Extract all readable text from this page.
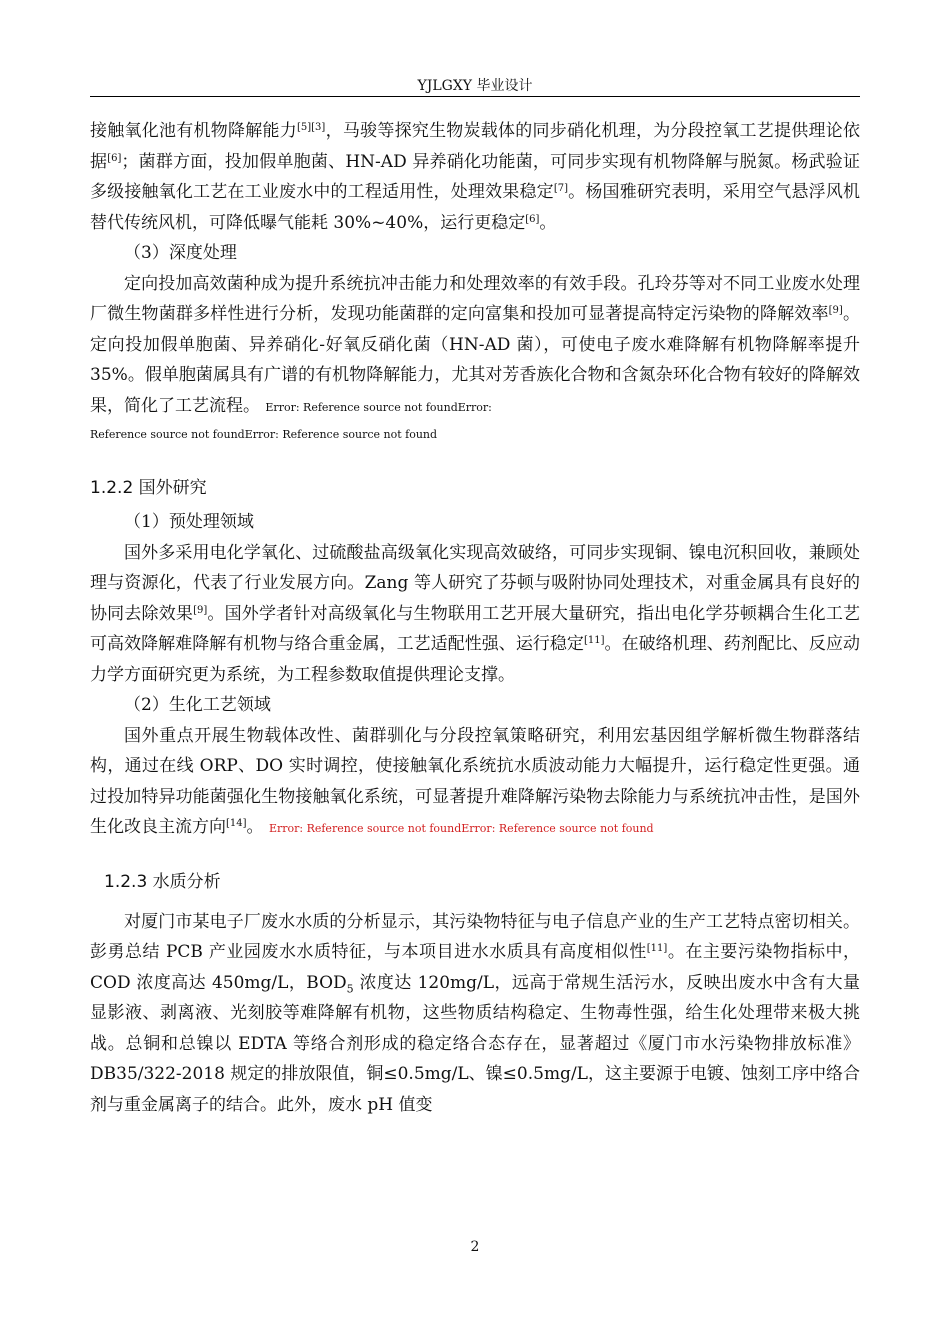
YJLGXY 毕业设计

接触氧化池有机物降解能力[5][3]，马骏等探究生物炭载体的同步硝化机理，为分段控氧工艺提供理论依据[6]；菌群方面，投加假单胞菌、HN-AD 异养硝化功能菌，可同步实现有机物降解与脱氮。杨武验证多级接触氧化工艺在工业废水中的工程适用性，处理效果稳定[7]。杨国雅研究表明，采用空气悬浮风机替代传统风机，可降低曝气能耗 30%~40%，运行更稳定[6]。

（3）深度处理

定向投加高效菌种成为提升系统抗冲击能力和处理效率的有效手段。孔玲芬等对不同工业废水处理厂微生物菌群多样性进行分析，发现功能菌群的定向富集和投加可显著提高特定污染物的降解效率[9]。定向投加假单胞菌、异养硝化-好氧反硝化菌（HN-AD 菌），可使电子废水难降解有机物降解率提升 35%。假单胞菌属具有广谱的有机物降解能力，尤其对芳香族化合物和含氮杂环化合物有较好的降解效果，简化了工艺流程。 Error: Reference source not foundError:

Reference source not foundError: Reference source not found

1.2.2 国外研究

（1）预处理领域

国外多采用电化学氧化、过硫酸盐高级氧化实现高效破络，可同步实现铜、镍电沉积回收，兼顾处理与资源化，代表了行业发展方向。Zang 等人研究了芬顿与吸附协同处理技术，对重金属具有良好的协同去除效果[9]。国外学者针对高级氧化与生物联用工艺开展大量研究，指出电化学芬顿耦合生化工艺可高效降解难降解有机物与络合重金属，工艺适配性强、运行稳定[11]。在破络机理、药剂配比、反应动力学方面研究更为系统，为工程参数取值提供理论支撑。

（2）生化工艺领域

国外重点开展生物载体改性、菌群驯化与分段控氧策略研究，利用宏基因组学解析微生物群落结构，通过在线 ORP、DO 实时调控，使接触氧化系统抗水质波动能力大幅提升，运行稳定性更强。通过投加特异功能菌强化生物接触氧化系统，可显著提升难降解污染物去除能力与系统抗冲击性，是国外生化改良主流方向[14]。 Error: Reference source not foundError: Reference source not found

1.2.3 水质分析

对厦门市某电子厂废水水质的分析显示，其污染物特征与电子信息产业的生产工艺特点密切相关。彭勇总结 PCB 产业园废水水质特征，与本项目进水水质具有高度相似性[11]。在主要污染物指标中，COD 浓度高达 450mg/L，$BOD_5$ 浓度达 120mg/L，远高于常规生活污水，反映出废水中含有大量显影液、剥离液、光刻胶等难降解有机物，这些物质结构稳定、生物毒性强，给生化处理带来极大挑战。总铜和总镍以 EDTA 等络合剂形成的稳定络合态存在，显著超过《厦门市水污染物排放标准》DB35/322-2018 规定的排放限值，铜≤0.5mg/L、镍≤0.5mg/L，这主要源于电镀、蚀刻工序中络合剂与重金属离子的结合。此外，废水 pH 值变

2
